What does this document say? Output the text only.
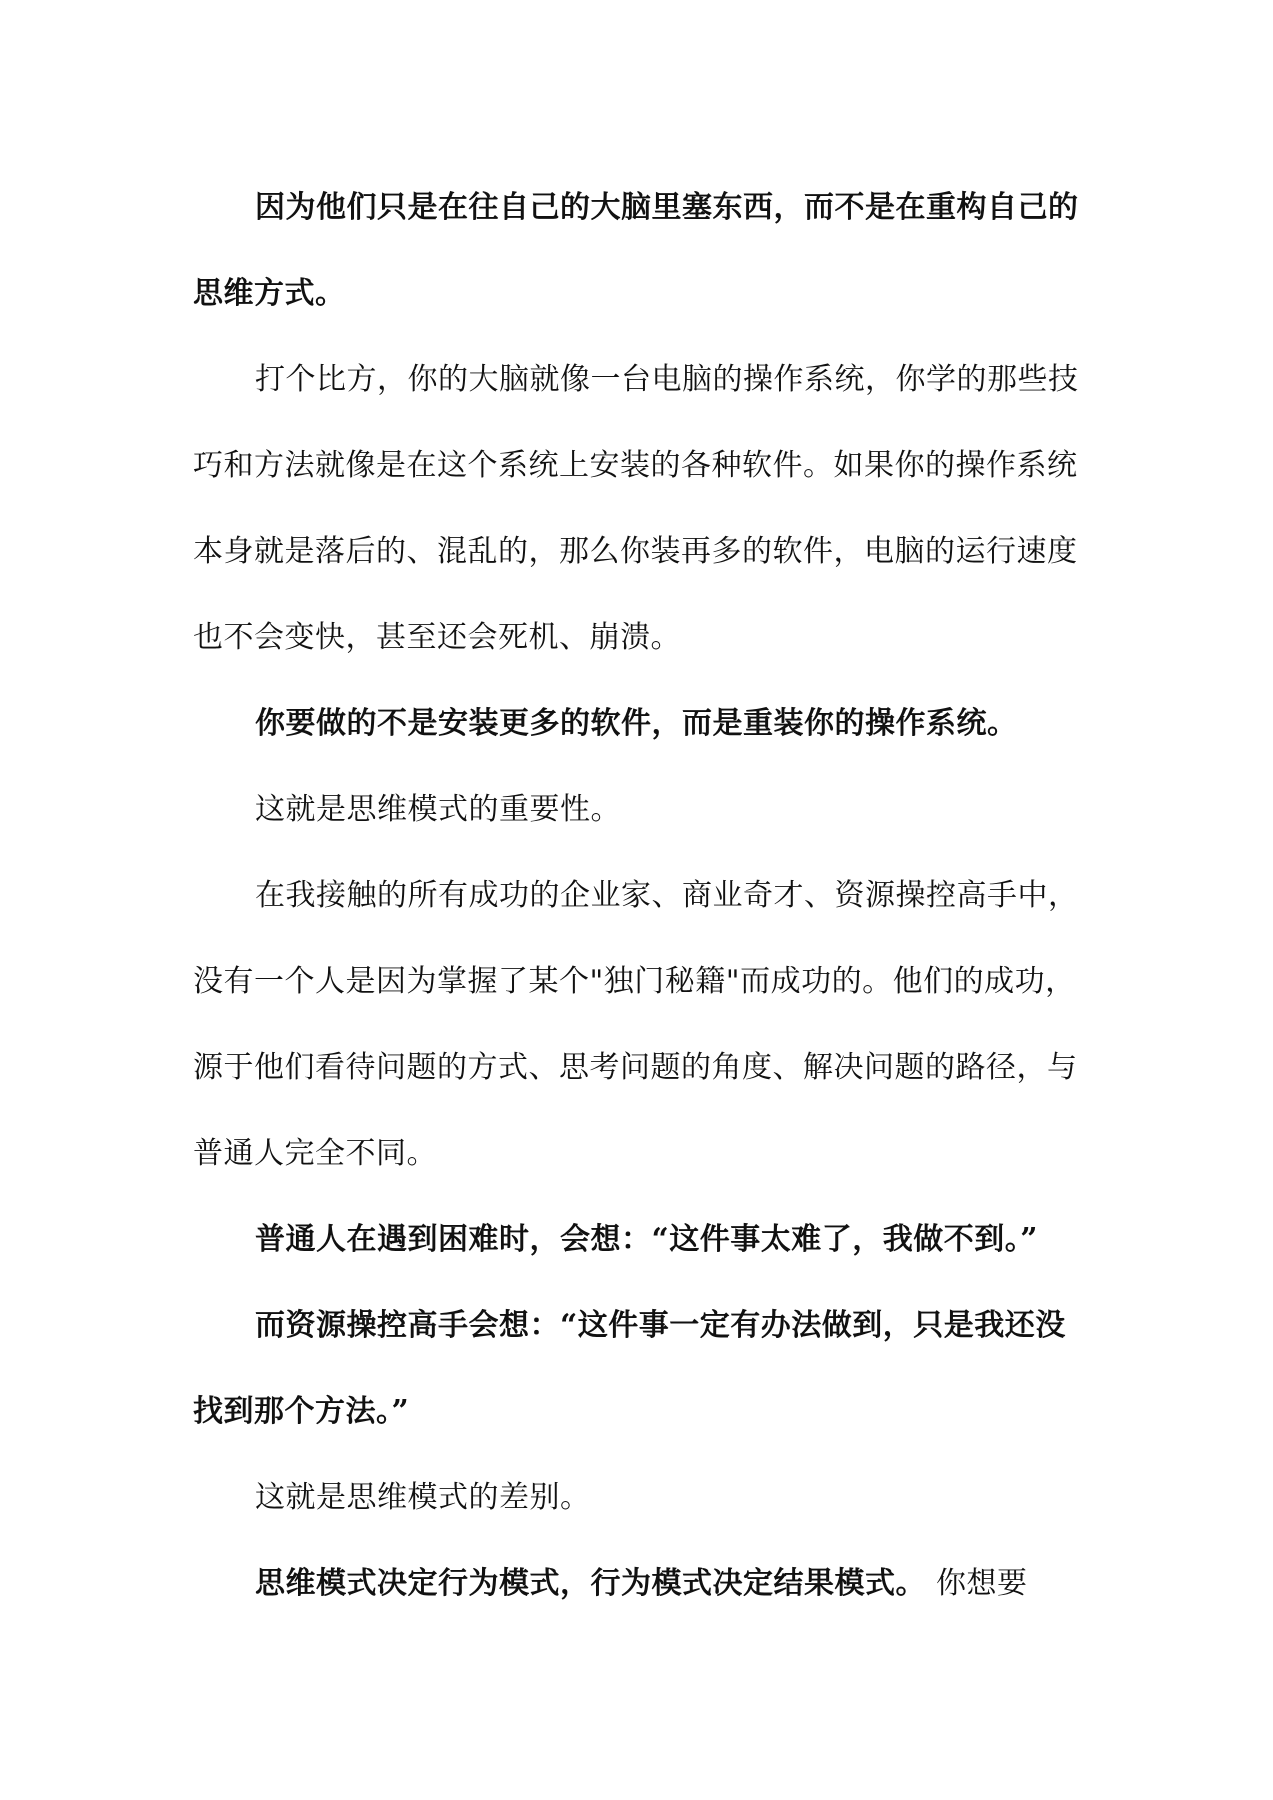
因为他们只是在往自己的大脑里塞东西，而不是在重构自己的思维方式。

打个比方，你的大脑就像一台电脑的操作系统，你学的那些技巧和方法就像是在这个系统上安装的各种软件。如果你的操作系统本身就是落后的、混乱的，那么你装再多的软件，电脑的运行速度也不会变快，甚至还会死机、崩溃。

你要做的不是安装更多的软件，而是重装你的操作系统。

这就是思维模式的重要性。

在我接触的所有成功的企业家、商业奇才、资源操控高手中，没有一个人是因为掌握了某个"独门秘籍"而成功的。他们的成功，源于他们看待问题的方式、思考问题的角度、解决问题的路径，与普通人完全不同。

普通人在遇到困难时，会想：“这件事太难了，我做不到。”

而资源操控高手会想：“这件事一定有办法做到，只是我还没找到那个方法。”

这就是思维模式的差别。

思维模式决定行为模式，行为模式决定结果模式。 你想要
